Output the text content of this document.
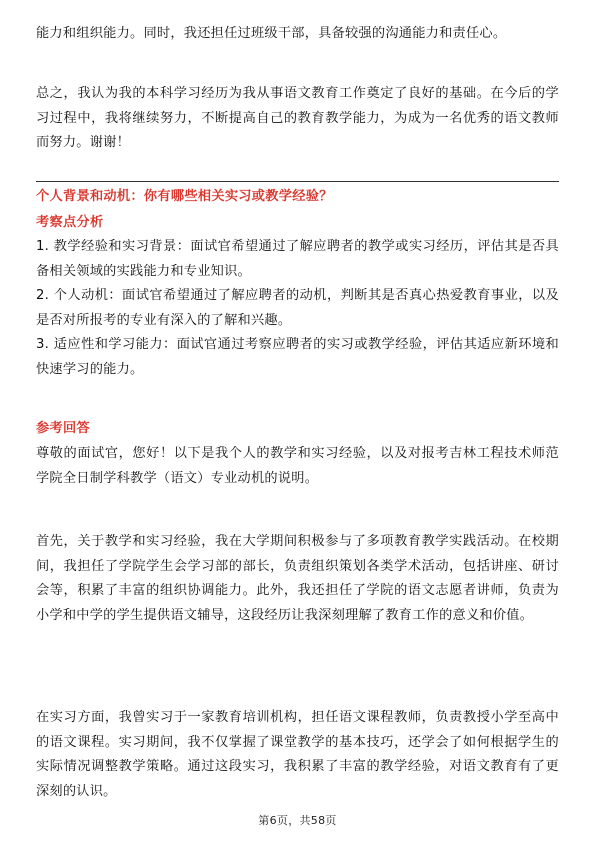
能力和组织能力。同时，我还担任过班级干部，具备较强的沟通能力和责任心。

总之，我认为我的本科学习经历为我从事语文教育工作奠定了良好的基础。在今后的学习过程中，我将继续努力，不断提高自己的教育教学能力，为成为一名优秀的语文教师而努力。谢谢！

个人背景和动机：你有哪些相关实习或教学经验？
考察点分析

1. 教学经验和实习背景：面试官希望通过了解应聘者的教学或实习经历，评估其是否具备相关领域的实践能力和专业知识。

2. 个人动机：面试官希望通过了解应聘者的动机，判断其是否真心热爱教育事业，以及是否对所报考的专业有深入的了解和兴趣。

3. 适应性和学习能力：面试官通过考察应聘者的实习或教学经验，评估其适应新环境和快速学习的能力。

参考回答

尊敬的面试官，您好！以下是我个人的教学和实习经验，以及对报考吉林工程技术师范学院全日制学科教学（语文）专业动机的说明。

首先，关于教学和实习经验，我在大学期间积极参与了多项教育教学实践活动。在校期间，我担任了学院学生会学习部的部长，负责组织策划各类学术活动，包括讲座、研讨会等，积累了丰富的组织协调能力。此外，我还担任了学院的语文志愿者讲师，负责为小学和中学的学生提供语文辅导，这段经历让我深刻理解了教育工作的意义和价值。

在实习方面，我曾实习于一家教育培训机构，担任语文课程教师，负责教授小学至高中的语文课程。实习期间，我不仅掌握了课堂教学的基本技巧，还学会了如何根据学生的实际情况调整教学策略。通过这段实习，我积累了丰富的教学经验，对语文教育有了更深刻的认识。

第6页，共58页
